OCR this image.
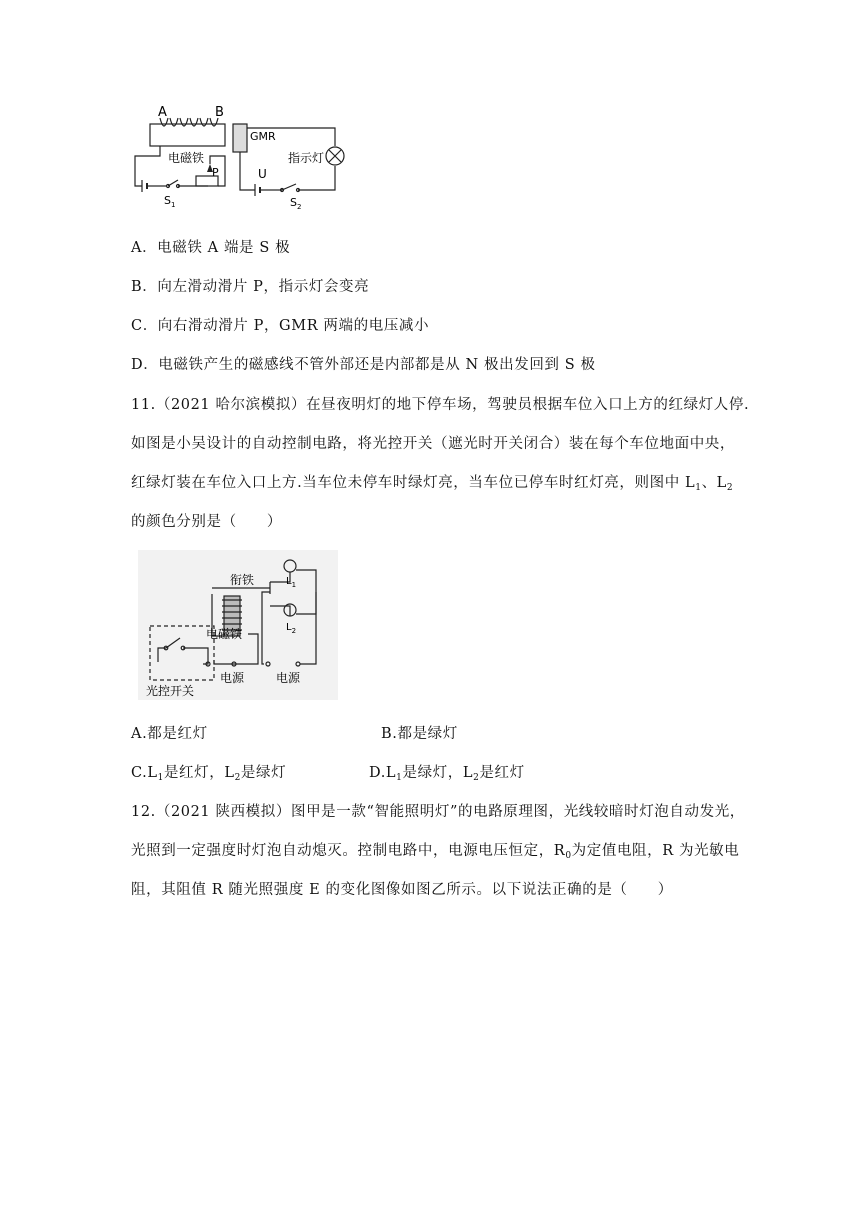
A	B
GMR
指示灯
电磁铁
P	U
$S_1$	$S_2$
A．电磁铁 A 端是 S 极
B．向左滑动滑片 P，指示灯会变亮
C．向右滑动滑片 P，GMR 两端的电压减小
D．电磁铁产生的磁感线不管外部还是内部都是从 N 极出发回到 S 极
11.（2021 哈尔滨模拟）在昼夜明灯的地下停车场，驾驶员根据车位入口上方的红绿灯人停.
如图是小吴设计的自动控制电路，将光控开关（遮光时开关闭合）装在每个车位地面中央，
红绿灯装在车位入口上方.当车位未停车时绿灯亮，当车位已停车时红灯亮，则图中 $L_1$、$L_2$
的颜色分别是（　　）
衔铁
电磁铁
$L_1$
$L_2$
电源	电源
光控开关
A.都是红灯	B.都是绿灯
$C.L_1$是红灯，$L_2$是绿灯	$D.L_1$是绿灯，$L_2$是红灯
12.（2021 陕西模拟）图甲是一款“智能照明灯”的电路原理图，光线较暗时灯泡自动发光，
光照到一定强度时灯泡自动熄灭。控制电路中，电源电压恒定，$R_0$为定值电阻，R 为光敏电
阻，其阻值 R 随光照强度 E 的变化图像如图乙所示。以下说法正确的是（　　）
